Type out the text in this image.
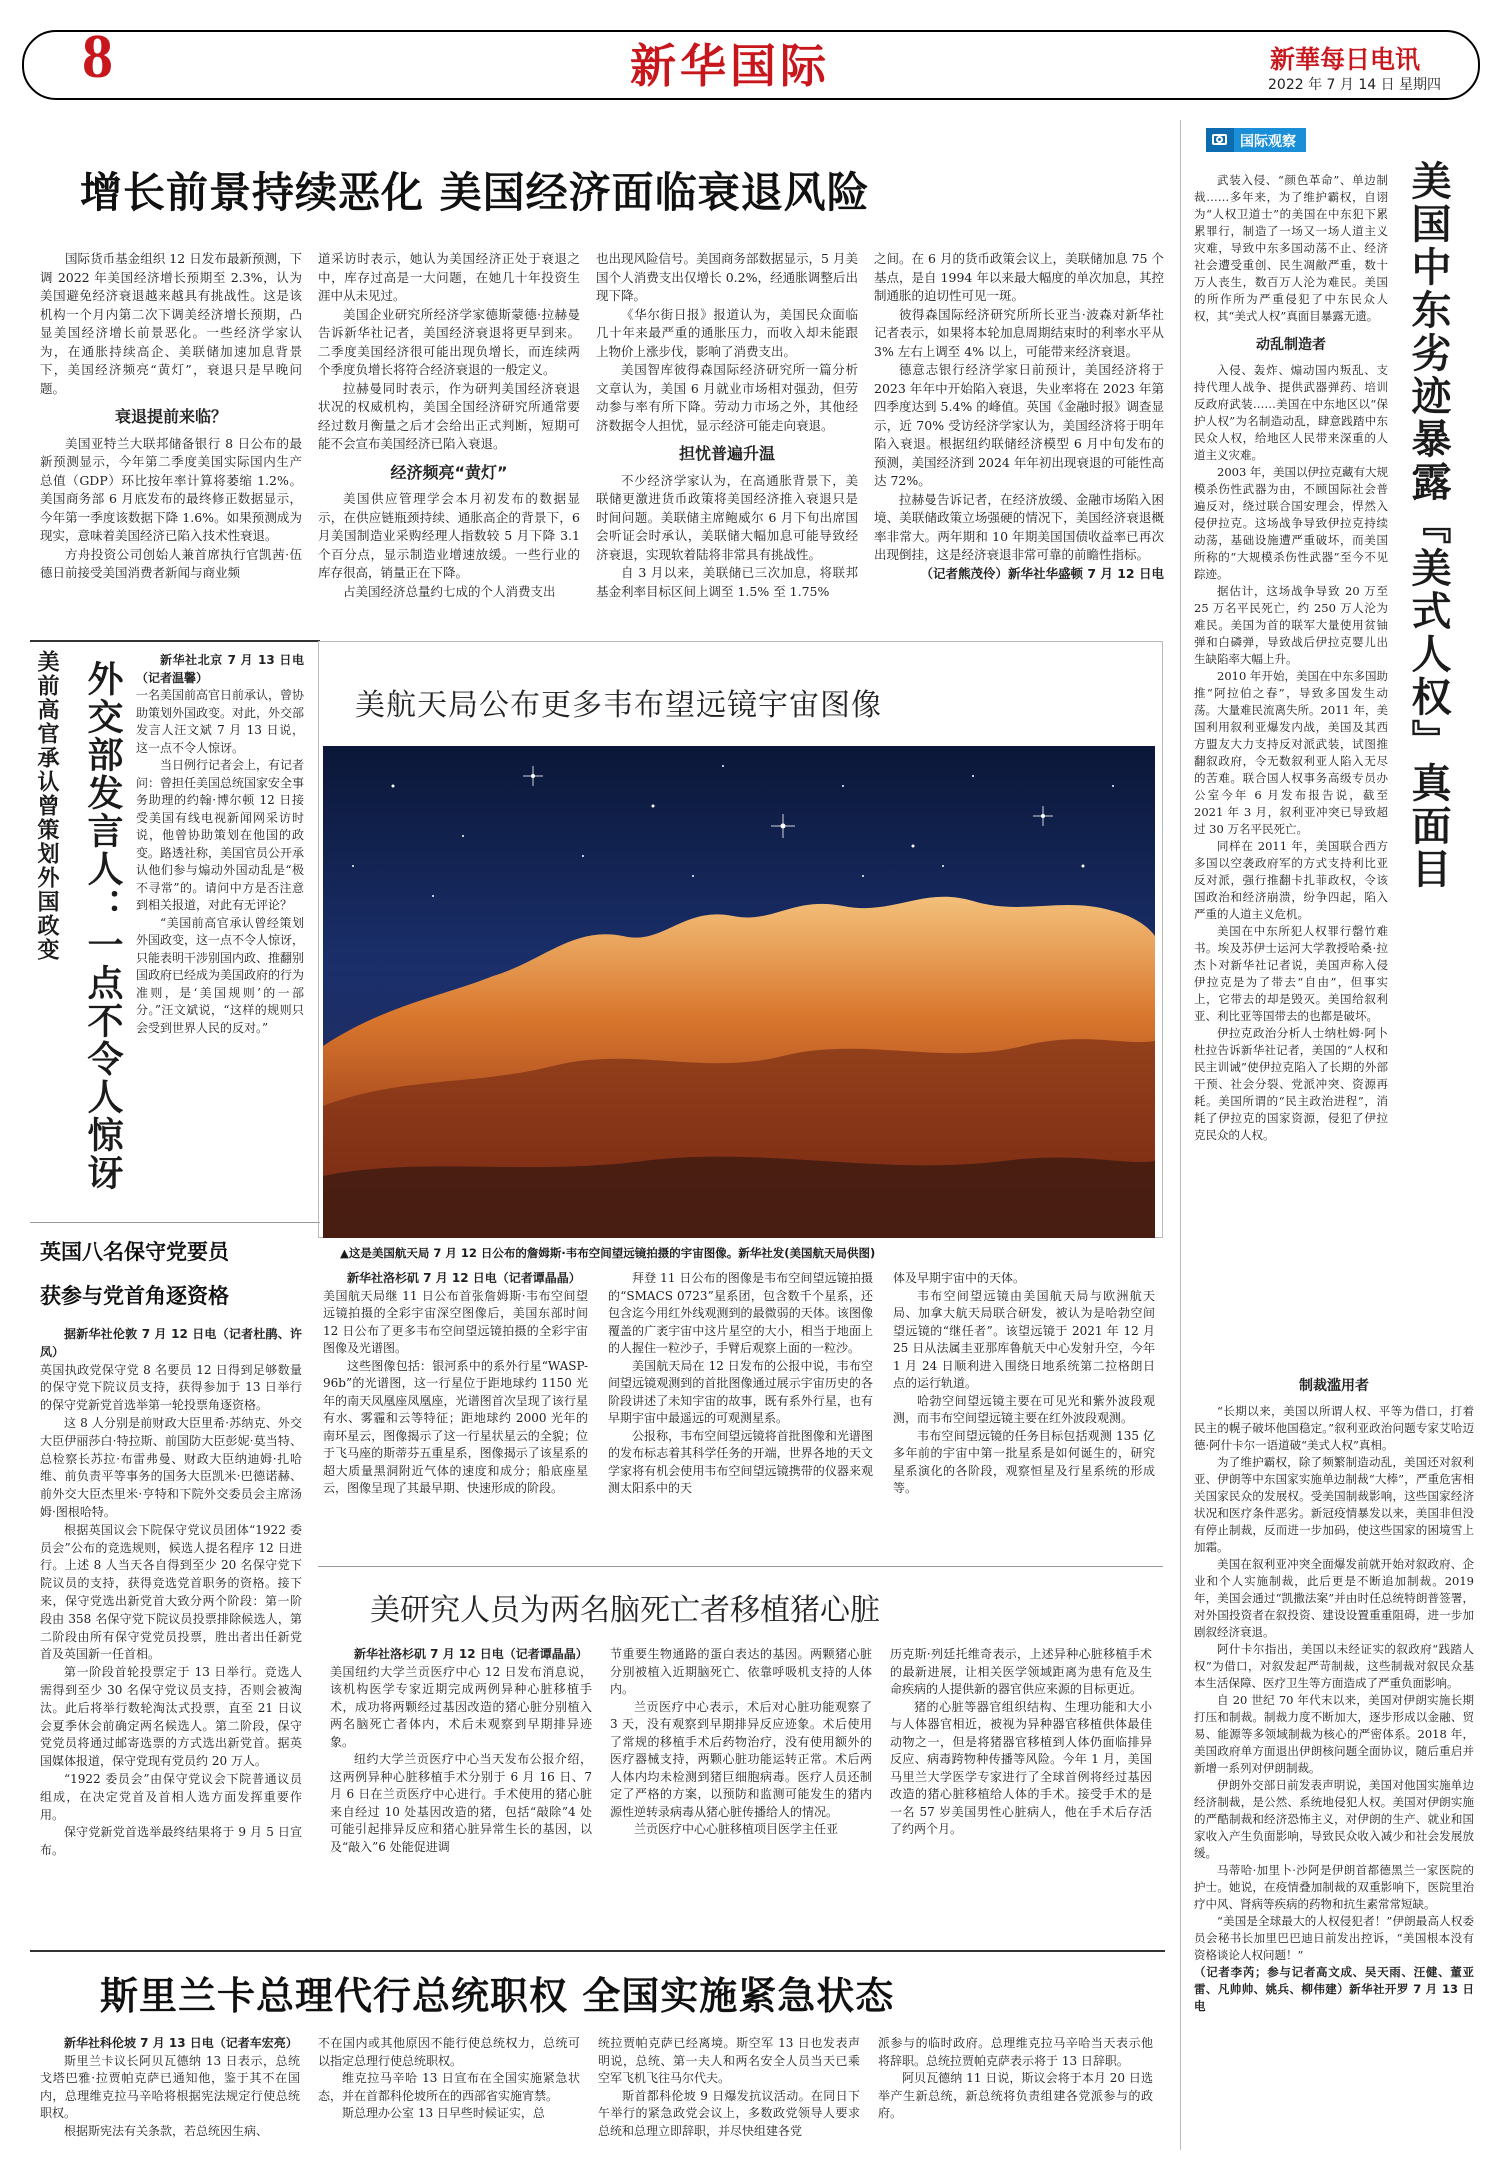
8	新华国际	新華每日电讯
2022 年 7 月 14 日 星期四
增长前景持续恶化 美国经济面临衰退风险

国际货币基金组织 12 日发布最新预测，下调 2022 年美国经济增长预期至 2.3%，认为美国避免经济衰退越来越具有挑战性。这是该机构一个月内第二次下调美经济增长预期，凸显美国经济增长前景恶化。一些经济学家认为，在通胀持续高企、美联储加速加息背景下，美国经济频亮“黄灯”，衰退只是早晚问题。

衰退提前来临？

美国亚特兰大联邦储备银行 8 日公布的最新预测显示，今年第二季度美国实际国内生产总值（GDP）环比按年率计算将萎缩 1.2%。美国商务部 6 月底发布的最终修正数据显示，今年第一季度该数据下降 1.6%。如果预测成为现实，意味着美国经济已陷入技术性衰退。

方舟投资公司创始人兼首席执行官凯茜·伍德日前接受美国消费者新闻与商业频

道采访时表示，她认为美国经济正处于衰退之中，库存过高是一大问题，在她几十年投资生涯中从未见过。

美国企业研究所经济学家德斯蒙德·拉赫曼告诉新华社记者，美国经济衰退将更早到来。二季度美国经济很可能出现负增长，而连续两个季度负增长将符合经济衰退的一般定义。

拉赫曼同时表示，作为研判美国经济衰退状况的权威机构，美国全国经济研究所通常要经过数月衡量之后才会给出正式判断，短期可能不会宣布美国经济已陷入衰退。

经济频亮“黄灯”

美国供应管理学会本月初发布的数据显示，在供应链瓶颈持续、通胀高企的背景下，6 月美国制造业采购经理人指数较 5 月下降 3.1 个百分点，显示制造业增速放缓。一些行业的库存很高，销量正在下降。

占美国经济总量约七成的个人消费支出

也出现风险信号。美国商务部数据显示，5 月美国个人消费支出仅增长 0.2%，经通胀调整后出现下降。

《华尔街日报》报道认为，美国民众面临几十年来最严重的通胀压力，而收入却未能跟上物价上涨步伐，影响了消费支出。

美国智库彼得森国际经济研究所一篇分析文章认为，美国 6 月就业市场相对强劲，但劳动参与率有所下降。劳动力市场之外，其他经济数据令人担忧，显示经济可能走向衰退。

担忧普遍升温

不少经济学家认为，在高通胀背景下，美联储更激进货币政策将美国经济推入衰退只是时间问题。美联储主席鲍威尔 6 月下旬出席国会听证会时承认，美联储大幅加息可能导致经济衰退，实现软着陆将非常具有挑战性。

自 3 月以来，美联储已三次加息，将联邦基金利率目标区间上调至 1.5% 至 1.75%

之间。在 6 月的货币政策会议上，美联储加息 75 个基点，是自 1994 年以来最大幅度的单次加息，其控制通胀的迫切性可见一斑。

彼得森国际经济研究所所长亚当·波森对新华社记者表示，如果将本轮加息周期结束时的利率水平从 3% 左右上调至 4% 以上，可能带来经济衰退。

德意志银行经济学家日前预计，美国经济将于 2023 年年中开始陷入衰退，失业率将在 2023 年第四季度达到 5.4% 的峰值。英国《金融时报》调查显示，近 70% 受访经济学家认为，美国经济将于明年陷入衰退。根据纽约联储经济模型 6 月中旬发布的预测，美国经济到 2024 年年初出现衰退的可能性高达 72%。

拉赫曼告诉记者，在经济放缓、金融市场陷入困境、美联储政策立场强硬的情况下，美国经济衰退概率非常大。两年期和 10 年期美国国债收益率已再次出现倒挂，这是经济衰退非常可靠的前瞻性指标。

（记者熊茂伶）新华社华盛顿 7 月 12 日电

美前高官承认曾策划外国政变 外交部发言人：一点不令人惊讶	新华社北京 7 月 13 日电（记者温馨）

一名美国前高官日前承认，曾协助策划外国政变。对此，外交部发言人汪文斌 7 月 13 日说，这一点不令人惊讶。

当日例行记者会上，有记者问：曾担任美国总统国家安全事务助理的约翰·博尔顿 12 日接受美国有线电视新闻网采访时说，他曾协助策划在他国的政变。路透社称，美国官员公开承认他们参与煽动外国动乱是“极不寻常”的。请问中方是否注意到相关报道，对此有无评论？

“美国前高官承认曾经策划外国政变，这一点不令人惊讶，只能表明干涉别国内政、推翻别国政府已经成为美国政府的行为准则，是‘美国规则’的一部分。”汪文斌说，“这样的规则只会受到世界人民的反对。”

英国八名保守党要员
获参与党首角逐资格

据新华社伦敦 7 月 12 日电（记者杜鹃、许凤）

英国执政党保守党 8 名要员 12 日得到足够数量的保守党下院议员支持，获得参加于 13 日举行的保守党新党首选举第一轮投票角逐资格。

这 8 人分别是前财政大臣里希·苏纳克、外交大臣伊丽莎白·特拉斯、前国防大臣彭妮·莫当特、总检察长苏拉·布雷弗曼、财政大臣纳迪姆·扎哈维、前负责平等事务的国务大臣凯米·巴德诺赫、前外交大臣杰里米·亨特和下院外交委员会主席汤姆·图根哈特。

根据英国议会下院保守党议员团体“1922 委员会”公布的竞选规则，候选人提名程序 12 日进行。上述 8 人当天各自得到至少 20 名保守党下院议员的支持，获得竞选党首职务的资格。接下来，保守党选出新党首大致分两个阶段：第一阶段由 358 名保守党下院议员投票排除候选人，第二阶段由所有保守党党员投票，胜出者出任新党首及英国新一任首相。

第一阶段首轮投票定于 13 日举行。竞选人需得到至少 30 名保守党议员支持，否则会被淘汰。此后将举行数轮淘汰式投票，直至 21 日议会夏季休会前确定两名候选人。第二阶段，保守党党员将通过邮寄选票的方式选出新党首。据英国媒体报道，保守党现有党员约 20 万人。

“1922 委员会”由保守党议会下院普通议员组成，在决定党首及首相人选方面发挥重要作用。

保守党新党首选举最终结果将于 9 月 5 日宣布。

美航天局公布更多韦布望远镜宇宙图像
▲这是美国航天局 7 月 12 日公布的詹姆斯·韦布空间望远镜拍摄的宇宙图像。新华社发(美国航天局供图)

新华社洛杉矶 7 月 12 日电（记者谭晶晶）

美国航天局继 11 日公布首张詹姆斯·韦布空间望远镜拍摄的全彩宇宙深空图像后，美国东部时间 12 日公布了更多韦布空间望远镜拍摄的全彩宇宙图像及光谱图。

这些图像包括：银河系中的系外行星“WASP-96b”的光谱图，这一行星位于距地球约 1150 光年的南天凤凰座凤凰座，光谱图首次呈现了该行星有水、雾霾和云等特征；距地球约 2000 光年的南环星云，图像揭示了这一行星状星云的全貌；位于飞马座的斯蒂芬五重星系，图像揭示了该星系的超大质量黑洞附近气体的速度和成分；船底座星云，图像呈现了其最早期、快速形成的阶段。

拜登 11 日公布的图像是韦布空间望远镜拍摄的“SMACS 0723”星系团，包含数千个星系，还包含迄今用红外线观测到的最微弱的天体。该图像覆盖的广袤宇宙中这片星空的大小，相当于地面上的人握住一粒沙子，手臂后观察上面的一粒沙。

美国航天局在 12 日发布的公报中说，韦布空间望远镜观测到的首批图像通过展示宇宙历史的各阶段讲述了未知宇宙的故事，既有系外行星，也有早期宇宙中最遥远的可观测星系。

公报称，韦布空间望远镜将首批图像和光谱图的发布标志着其科学任务的开端，世界各地的天文学家将有机会使用韦布空间望远镜携带的仪器来观测太阳系中的天

体及早期宇宙中的天体。

韦布空间望远镜由美国航天局与欧洲航天局、加拿大航天局联合研发，被认为是哈勃空间望远镜的“继任者”。该望远镜于 2021 年 12 月 25 日从法属圭亚那库鲁航天中心发射升空，今年 1 月 24 日顺利进入围绕日地系统第二拉格朗日点的运行轨道。

哈勃空间望远镜主要在可见光和紫外波段观测，而韦布空间望远镜主要在红外波段观测。

韦布空间望远镜的任务目标包括观测 135 亿多年前的宇宙中第一批星系是如何诞生的，研究星系演化的各阶段，观察恒星及行星系统的形成等。

美研究人员为两名脑死亡者移植猪心脏

新华社洛杉矶 7 月 12 日电（记者谭晶晶）

美国纽约大学兰贡医疗中心 12 日发布消息说，该机构医学专家近期完成两例异种心脏移植手术，成功将两颗经过基因改造的猪心脏分别植入两名脑死亡者体内，术后未观察到早期排异迹象。

纽约大学兰贡医疗中心当天发布公报介绍，这两例异种心脏移植手术分别于 6 月 16 日、7 月 6 日在兰贡医疗中心进行。手术使用的猪心脏来自经过 10 处基因改造的猪，包括“敲除”4 处可能引起排异反应和猪心脏异常生长的基因，以及“敲入”6 处能促进调

节重要生物通路的蛋白表达的基因。两颗猪心脏分别被植入近期脑死亡、依靠呼吸机支持的人体内。

兰贡医疗中心表示，术后对心脏功能观察了 3 天，没有观察到早期排异反应迹象。术后使用了常规的移植手术后药物治疗，没有使用额外的医疗器械支持，两颗心脏功能运转正常。术后两人体内均未检测到猪巨细胞病毒。医疗人员还制定了严格的方案，以预防和监测可能发生的猪内源性逆转录病毒从猪心脏传播给人的情况。

兰贡医疗中心心脏移植项目医学主任亚

历克斯·列廷托维奇表示，上述异种心脏移植手术的最新进展，让相关医学领域距离为患有危及生命疾病的人提供新的器官供应来源的目标更近。

猪的心脏等器官组织结构、生理功能和大小与人体器官相近，被视为异种器官移植供体最佳动物之一，但是将猪器官移植到人体仍面临排异反应、病毒跨物种传播等风险。今年 1 月，美国马里兰大学医学专家进行了全球首例将经过基因改造的猪心脏移植给人体的手术。接受手术的是一名 57 岁美国男性心脏病人，他在手术后存活了约两个月。

斯里兰卡总理代行总统职权 全国实施紧急状态

新华社科伦坡 7 月 13 日电（记者车宏亮）

斯里兰卡议长阿贝瓦德纳 13 日表示，总统戈塔巴雅·拉贾帕克萨已通知他，鉴于其不在国内，总理维克拉马辛哈将根据宪法规定行使总统职权。

根据斯宪法有关条款，若总统因生病、

不在国内或其他原因不能行使总统权力，总统可以指定总理行使总统职权。

维克拉马辛哈 13 日宣布在全国实施紧急状态，并在首都科伦坡所在的西部省实施宵禁。

斯总理办公室 13 日早些时候证实，总

统拉贾帕克萨已经离境。斯空军 13 日也发表声明说，总统、第一夫人和两名安全人员当天已乘空军飞机飞往马尔代夫。

斯首都科伦坡 9 日爆发抗议活动。在同日下午举行的紧急政党会议上，多数政党领导人要求总统和总理立即辞职，并尽快组建各党

派参与的临时政府。总理维克拉马辛哈当天表示他将辞职。总统拉贾帕克萨表示将于 13 日辞职。

阿贝瓦德纳 11 日说，斯议会将于本月 20 日选举产生新总统，新总统将负责组建各党派参与的政府。

国际观察
美国中东劣迹暴露『美式人权』真面目

武装入侵、“颜色革命”、单边制裁……多年来，为了维护霸权，自诩为“人权卫道士”的美国在中东犯下累累罪行，制造了一场又一场人道主义灾难，导致中东多国动荡不止、经济社会遭受重创、民生凋敝严重，数十万人丧生，数百万人沦为难民。美国的所作所为严重侵犯了中东民众人权，其“美式人权”真面目暴露无遗。

动乱制造者

入侵、轰炸、煽动国内叛乱、支持代理人战争、提供武器弹药、培训反政府武装……美国在中东地区以“保护人权”为名制造动乱，肆意践踏中东民众人权，给地区人民带来深重的人道主义灾难。

2003 年，美国以伊拉克藏有大规模杀伤性武器为由，不顾国际社会普遍反对，绕过联合国安理会，悍然入侵伊拉克。这场战争导致伊拉克持续动荡，基础设施遭严重破坏，而美国所称的“大规模杀伤性武器”至今不见踪迹。

据估计，这场战争导致 20 万至 25 万名平民死亡，约 250 万人沦为难民。美国为首的联军大量使用贫铀弹和白磷弹，导致战后伊拉克婴儿出生缺陷率大幅上升。

2010 年开始，美国在中东多国助推“阿拉伯之春”，导致多国发生动荡。大量难民流离失所。2011 年，美国利用叙利亚爆发内战，美国及其西方盟友大力支持反对派武装，试图推翻叙政府，令无数叙利亚人陷入无尽的苦难。联合国人权事务高级专员办公室今年 6 月发布报告说，截至 2021 年 3 月，叙利亚冲突已导致超过 30 万名平民死亡。

同样在 2011 年，美国联合西方多国以空袭政府军的方式支持利比亚反对派，强行推翻卡扎菲政权，令该国政治和经济崩溃，纷争四起，陷入严重的人道主义危机。

美国在中东所犯人权罪行罄竹难书。埃及苏伊士运河大学教授哈桑·拉杰卜对新华社记者说，美国声称入侵伊拉克是为了带去“自由”，但事实上，它带去的却是毁灭。美国给叙利亚、利比亚等国带去的也都是破坏。

伊拉克政治分析人士纳杜姆·阿卜杜拉告诉新华社记者，美国的“人权和民主训诫”使伊拉克陷入了长期的外部干预、社会分裂、党派冲突、资源再耗。美国所谓的“民主政治进程”，消耗了伊拉克的国家资源，侵犯了伊拉克民众的人权。

制裁滥用者

“长期以来，美国以所谓人权、平等为借口，打着民主的幌子破坏他国稳定。”叙利亚政治问题专家艾哈迈德·阿什卡尔一语道破“美式人权”真相。

为了维护霸权，除了频繁制造动乱，美国还对叙利亚、伊朗等中东国家实施单边制裁“大棒”，严重危害相关国家民众的发展权。受美国制裁影响，这些国家经济状况和医疗条件恶劣。新冠疫情暴发以来，美国非但没有停止制裁，反而进一步加码，使这些国家的困境雪上加霜。

美国在叙利亚冲突全面爆发前就开始对叙政府、企业和个人实施制裁，此后更是不断追加制裁。2019 年，美国会通过“凯撒法案”并由时任总统特朗普签署，对外国投资者在叙投资、建设设置重重阻碍，进一步加剧叙经济衰退。

阿什卡尔指出，美国以未经证实的叙政府“践踏人权”为借口，对叙发起严苛制裁，这些制裁对叙民众基本生活保障、医疗卫生等方面造成了严重负面影响。

自 20 世纪 70 年代末以来，美国对伊朗实施长期打压和制裁。制裁力度不断加大，逐步形成以金融、贸易、能源等多领域制裁为核心的严密体系。2018 年，美国政府单方面退出伊朗核问题全面协议，随后重启并新增一系列对伊朗制裁。

伊朗外交部日前发表声明说，美国对他国实施单边经济制裁，是公然、系统地侵犯人权。美国对伊朗实施的严酷制裁和经济恐怖主义，对伊朗的生产、就业和国家收入产生负面影响，导致民众收入减少和社会发展放缓。

马蒂哈·加里卜·沙阿是伊朗首都德黑兰一家医院的护士。她说，在疫情叠加制裁的双重影响下，医院里治疗中风、肾病等疾病的药物和抗生素常常短缺。

“美国是全球最大的人权侵犯者！”伊朗最高人权委员会秘书长加里巴巴迪日前发出控诉，“美国根本没有资格谈论人权问题！”

（记者李芮；参与记者高文成、吴天雨、汪健、董亚雷、凡帅帅、姚兵、柳伟建）新华社开罗 7 月 13 日电
